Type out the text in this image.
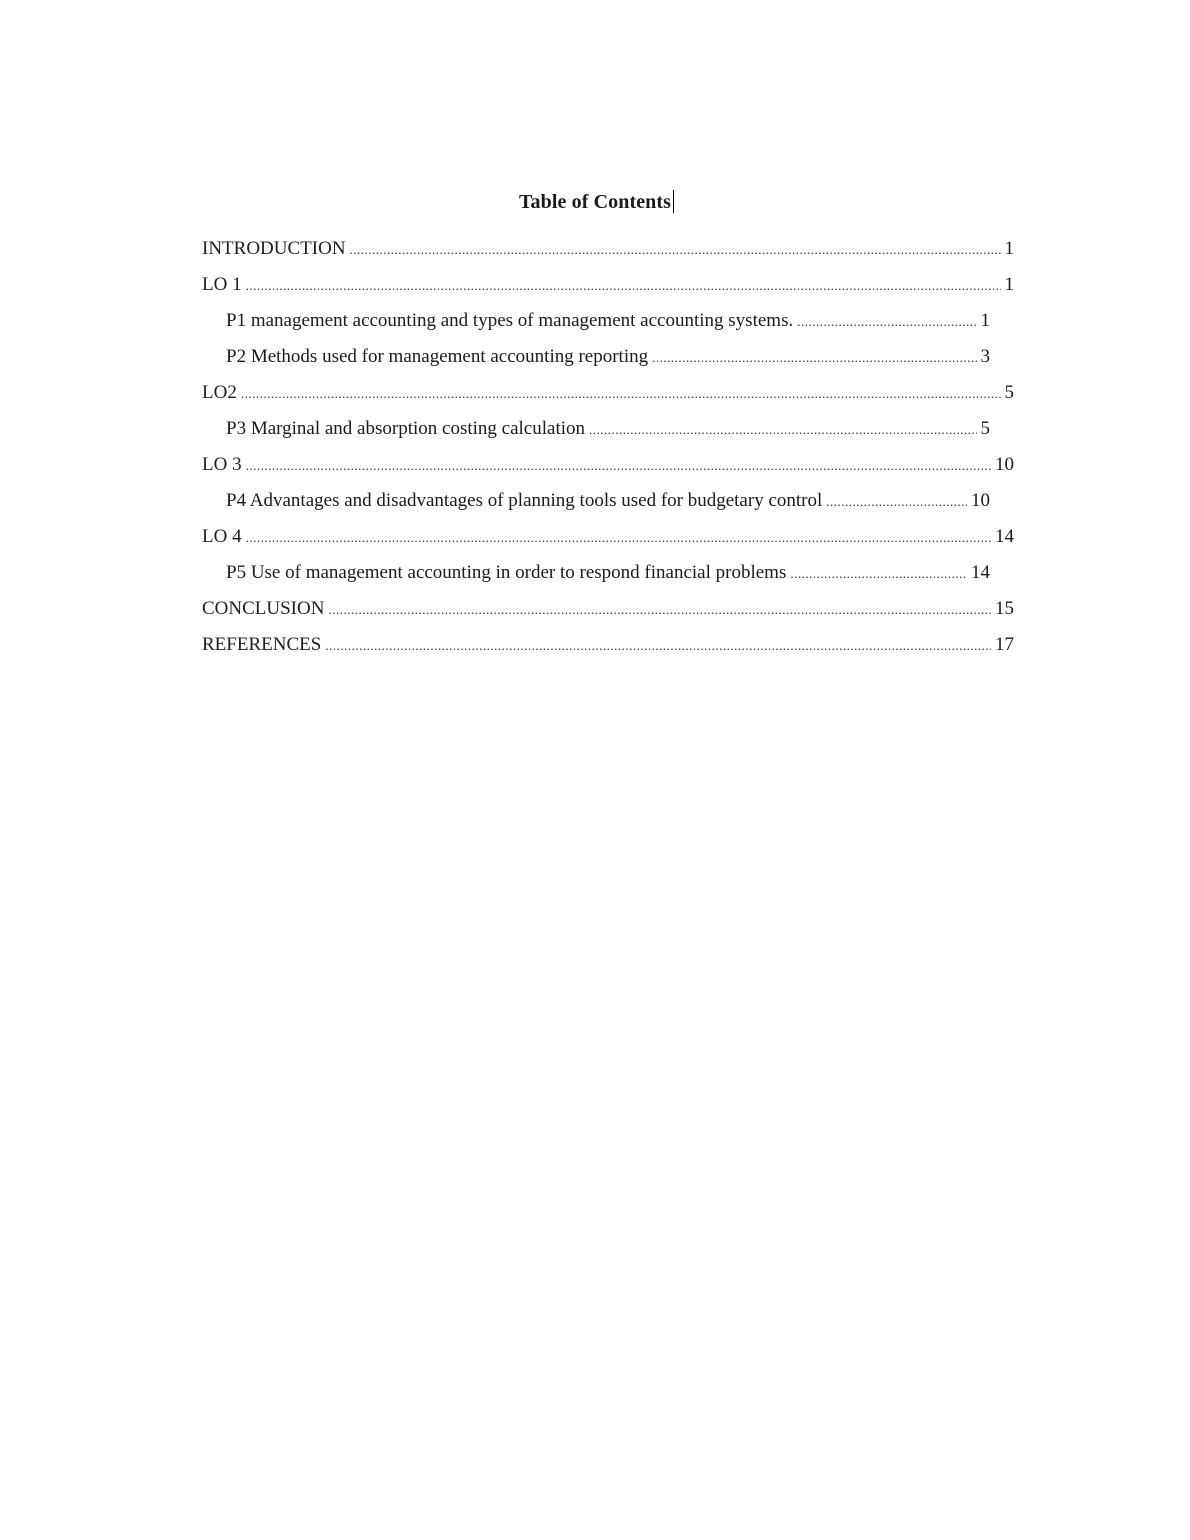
Table of Contents
INTRODUCTION .....	1
LO 1 .....	1
P1 management accounting and types of management accounting systems. .....	1
P2 Methods used for management accounting reporting .....	3
LO2 .....	5
P3 Marginal and absorption costing calculation .....	5
LO 3 .....	10
P4 Advantages and disadvantages of planning tools used for budgetary control .....	10
LO 4 .....	14
P5 Use of management accounting in order to respond financial problems .....	14
CONCLUSION .....	15
REFERENCES .....	17
